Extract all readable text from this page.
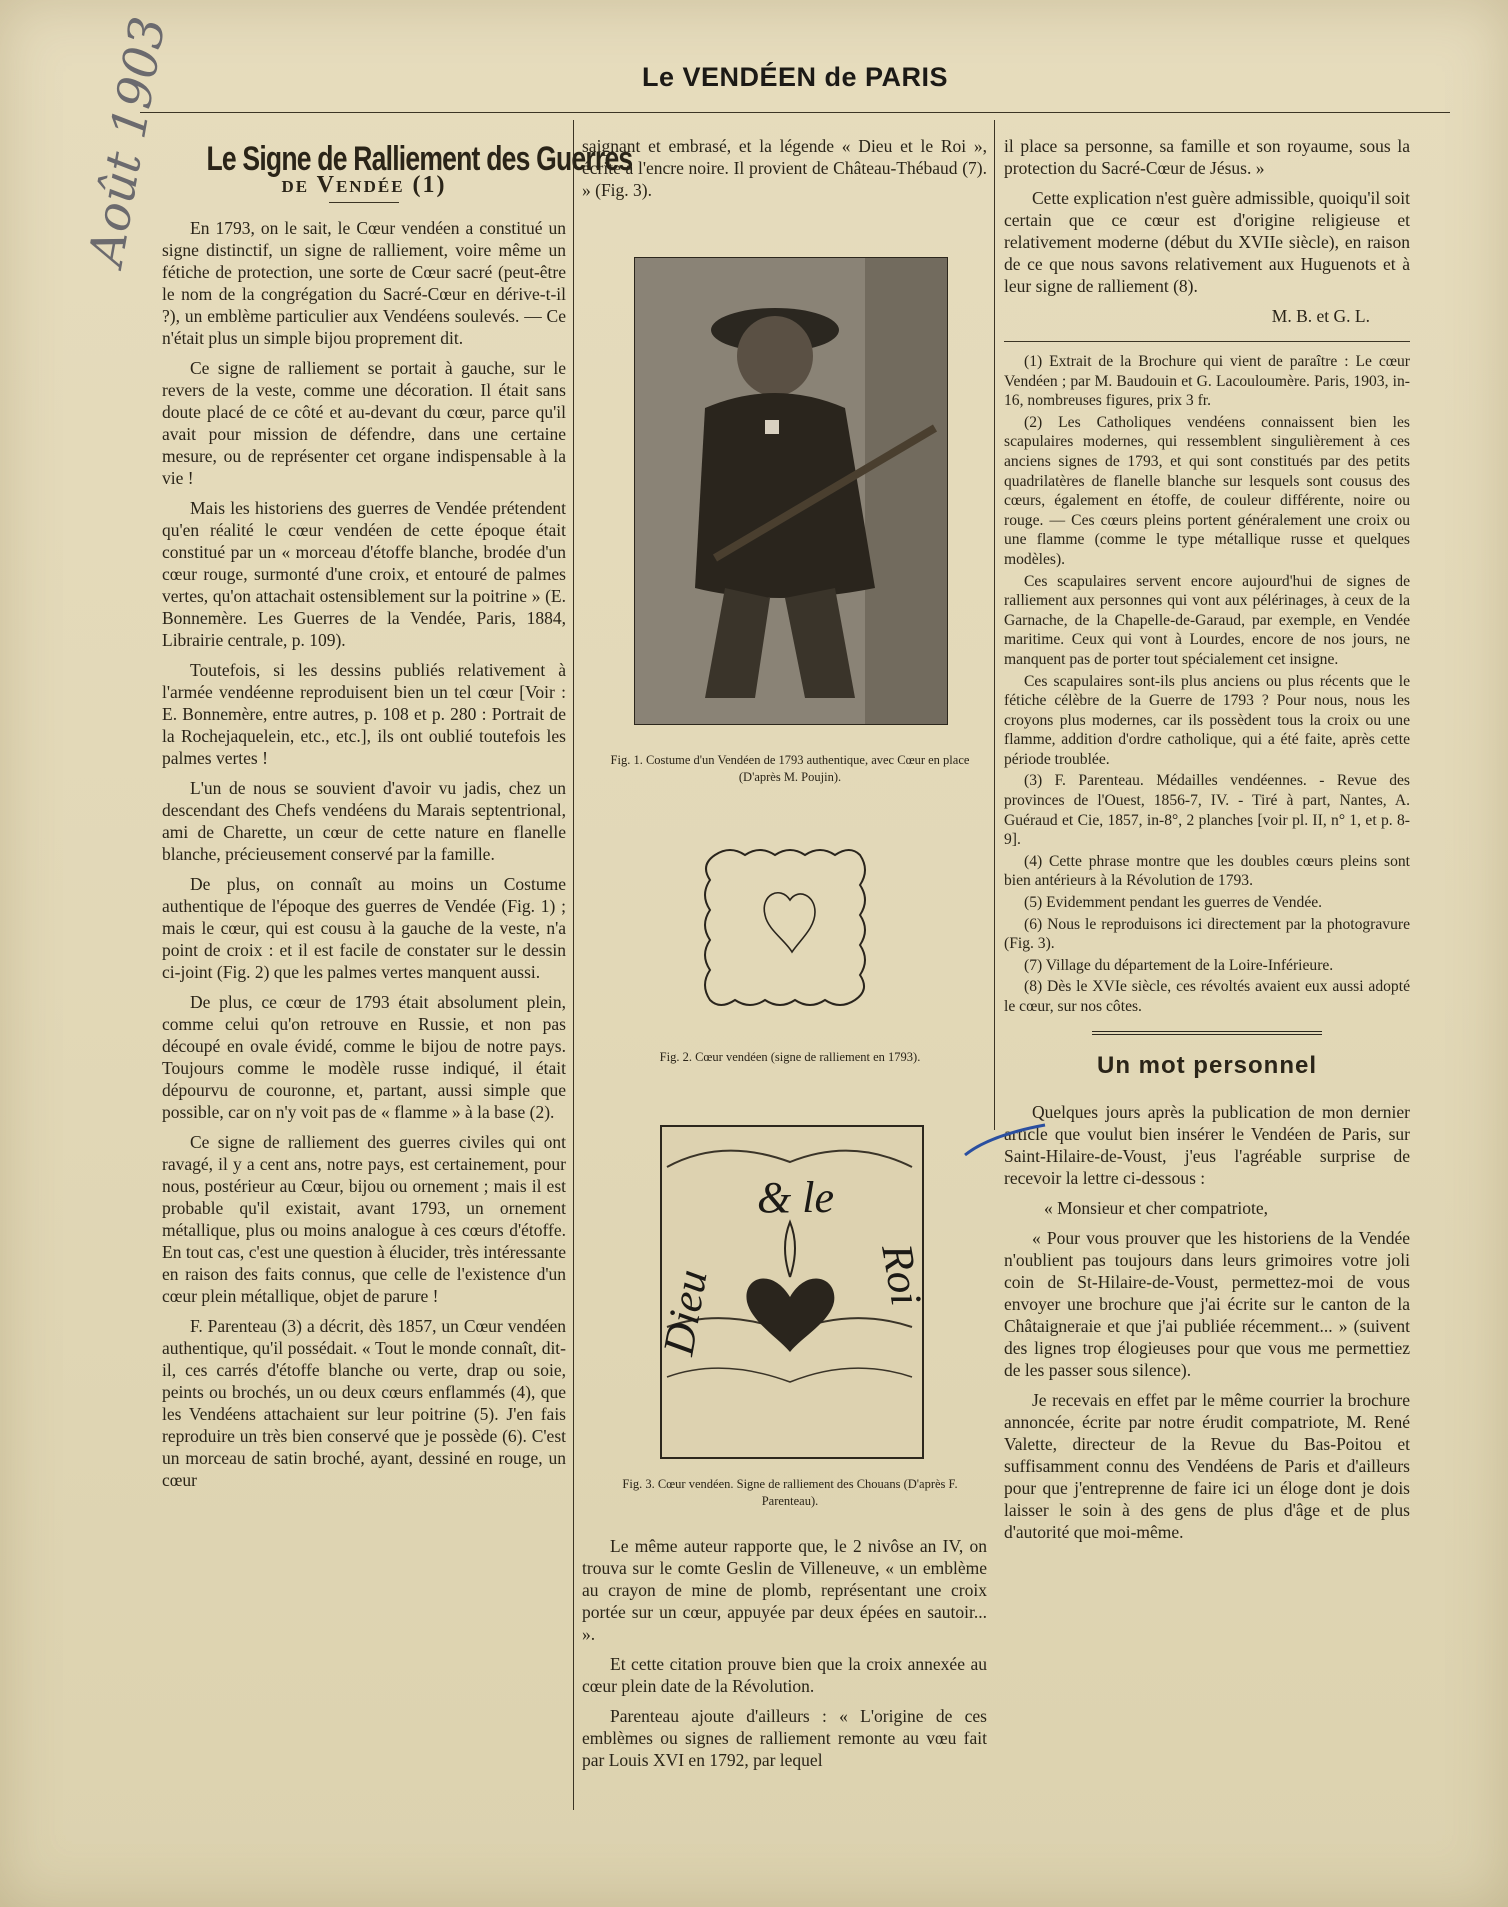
Août 1903	Le VENDÉEN de PARIS
Le Signe de Ralliement des Guerres
de Vendée (1)

En 1793, on le sait, le Cœur vendéen a constitué un signe distinctif, un signe de ralliement, voire même un fétiche de protection, une sorte de Cœur sacré (peut-être le nom de la congrégation du Sacré-Cœur en dérive-t-il ?), un emblème particulier aux Vendéens soulevés. — Ce n'était plus un simple bijou proprement dit.

Ce signe de ralliement se portait à gauche, sur le revers de la veste, comme une décoration. Il était sans doute placé de ce côté et au-devant du cœur, parce qu'il avait pour mission de défendre, dans une certaine mesure, ou de représenter cet organe indispensable à la vie !

Mais les historiens des guerres de Vendée prétendent qu'en réalité le cœur vendéen de cette époque était constitué par un « morceau d'étoffe blanche, brodée d'un cœur rouge, surmonté d'une croix, et entouré de palmes vertes, qu'on attachait ostensiblement sur la poitrine » (E. Bonnemère. Les Guerres de la Vendée, Paris, 1884, Librairie centrale, p. 109).

Toutefois, si les dessins publiés relativement à l'armée vendéenne reproduisent bien un tel cœur [Voir : E. Bonnemère, entre autres, p. 108 et p. 280 : Portrait de la Rochejaquelein, etc., etc.], ils ont oublié toutefois les palmes vertes !

L'un de nous se souvient d'avoir vu jadis, chez un descendant des Chefs vendéens du Marais septentrional, ami de Charette, un cœur de cette nature en flanelle blanche, précieusement conservé par la famille.

De plus, on connaît au moins un Costume authentique de l'époque des guerres de Vendée (Fig. 1) ; mais le cœur, qui est cousu à la gauche de la veste, n'a point de croix : et il est facile de constater sur le dessin ci-joint (Fig. 2) que les palmes vertes manquent aussi.

De plus, ce cœur de 1793 était absolument plein, comme celui qu'on retrouve en Russie, et non pas découpé en ovale évidé, comme le bijou de notre pays. Toujours comme le modèle russe indiqué, il était dépourvu de couronne, et, partant, aussi simple que possible, car on n'y voit pas de « flamme » à la base (2).

Ce signe de ralliement des guerres civiles qui ont ravagé, il y a cent ans, notre pays, est certainement, pour nous, postérieur au Cœur, bijou ou ornement ; mais il est probable qu'il existait, avant 1793, un ornement métallique, plus ou moins analogue à ces cœurs d'étoffe. En tout cas, c'est une question à élucider, très intéressante en raison des faits connus, que celle de l'existence d'un cœur plein métallique, objet de parure !

F. Parenteau (3) a décrit, dès 1857, un Cœur vendéen authentique, qu'il possédait. « Tout le monde connaît, dit-il, ces carrés d'étoffe blanche ou verte, drap ou soie, peints ou brochés, un ou deux cœurs enflammés (4), que les Vendéens attachaient sur leur poitrine (5). J'en fais reproduire un très bien conservé que je possède (6). C'est un morceau de satin broché, ayant, dessiné en rouge, un cœur

saignant et embrasé, et la légende « Dieu et le Roi », écrite à l'encre noire. Il provient de Château-Thébaud (7). » (Fig. 3).

Fig. 1. Costume d'un Vendéen de 1793 authentique, avec Cœur en place (D'après M. Poujin).
Fig. 2. Cœur vendéen (signe de ralliement en 1793).
Dieu
& le
Roi
Fig. 3. Cœur vendéen. Signe de ralliement des Chouans (D'après F. Parenteau).

Le même auteur rapporte que, le 2 nivôse an IV, on trouva sur le comte Geslin de Villeneuve, « un emblème au crayon de mine de plomb, représentant une croix portée sur un cœur, appuyée par deux épées en sautoir... ».

Et cette citation prouve bien que la croix annexée au cœur plein date de la Révolution.

Parenteau ajoute d'ailleurs : « L'origine de ces emblèmes ou signes de ralliement remonte au vœu fait par Louis XVI en 1792, par lequel

il place sa personne, sa famille et son royaume, sous la protection du Sacré-Cœur de Jésus. »

Cette explication n'est guère admissible, quoiqu'il soit certain que ce cœur est d'origine religieuse et relativement moderne (début du XVIIe siècle), en raison de ce que nous savons relativement aux Huguenots et à leur signe de ralliement (8).

M. B. et G. L.

(1) Extrait de la Brochure qui vient de paraître : Le cœur Vendéen ; par M. Baudouin et G. Lacouloumère. Paris, 1903, in-16, nombreuses figures, prix 3 fr.

(2) Les Catholiques vendéens connaissent bien les scapulaires modernes, qui ressemblent singulièrement à ces anciens signes de 1793, et qui sont constitués par des petits quadrilatères de flanelle blanche sur lesquels sont cousus des cœurs, également en étoffe, de couleur différente, noire ou rouge. — Ces cœurs pleins portent généralement une croix ou une flamme (comme le type métallique russe et quelques modèles).

Ces scapulaires servent encore aujourd'hui de signes de ralliement aux personnes qui vont aux pélérinages, à ceux de la Garnache, de la Chapelle-de-Garaud, par exemple, en Vendée maritime. Ceux qui vont à Lourdes, encore de nos jours, ne manquent pas de porter tout spécialement cet insigne.

Ces scapulaires sont-ils plus anciens ou plus récents que le fétiche célèbre de la Guerre de 1793 ? Pour nous, nous les croyons plus modernes, car ils possèdent tous la croix ou une flamme, addition d'ordre catholique, qui a été faite, après cette période troublée.

(3) F. Parenteau. Médailles vendéennes. - Revue des provinces de l'Ouest, 1856-7, IV. - Tiré à part, Nantes, A. Guéraud et Cie, 1857, in-8°, 2 planches [voir pl. II, n° 1, et p. 8-9].

(4) Cette phrase montre que les doubles cœurs pleins sont bien antérieurs à la Révolution de 1793.

(5) Evidemment pendant les guerres de Vendée.

(6) Nous le reproduisons ici directement par la photogravure (Fig. 3).

(7) Village du département de la Loire-Inférieure.

(8) Dès le XVIe siècle, ces révoltés avaient eux aussi adopté le cœur, sur nos côtes.

Un mot personnel

Quelques jours après la publication de mon dernier article que voulut bien insérer le Vendéen de Paris, sur Saint-Hilaire-de-Voust, j'eus l'agréable surprise de recevoir la lettre ci-dessous :

« Monsieur et cher compatriote,

« Pour vous prouver que les historiens de la Vendée n'oublient pas toujours dans leurs grimoires votre joli coin de St-Hilaire-de-Voust, permettez-moi de vous envoyer une brochure que j'ai écrite sur le canton de la Châtaigneraie et que j'ai publiée récemment... » (suivent des lignes trop élogieuses pour que vous me permettiez de les passer sous silence).

Je recevais en effet par le même courrier la brochure annoncée, écrite par notre érudit compatriote, M. René Valette, directeur de la Revue du Bas-Poitou et suffisamment connu des Vendéens de Paris et d'ailleurs pour que j'entreprenne de faire ici un éloge dont je dois laisser le soin à des gens de plus d'âge et de plus d'autorité que moi-même.
